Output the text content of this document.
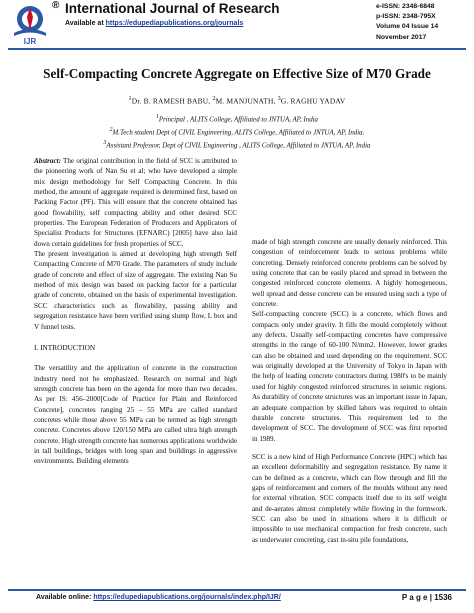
IJR
® International Journal of Research
Available at https://edupediapublications.org/journals
e-ISSN: 2348-6848
p-ISSN: 2348-795X
Volume 04 Issue 14
November 2017
Self-Compacting Concrete Aggregate on Effective Size of M70 Grade
$^1$Dr. B. RAMESH BABU, $^2$M. MANJUNATH, $^3$G. RAGHU YADAV
$^1$Principal , ALITS College, Affiliated to JNTUA, AP, India
$^2$M.Tech student Dept of CIVIL Engineering, ALITS College, Affiliated to JNTUA, AP, India.
$^3$Assistant Professor, Dept of CIVIL Engineering , ALITS College, Affiliated to JNTUA, AP, India

Abstract: The original contribution in the field of SCC is attributed to the pioneering work of Nan Su et al; who have developed a simple mix design methodology for Self Compacting Concrete. In this method, the amount of aggregate required is determined first, based on Packing Factor (PF). This will ensure that the concrete obtained has good flowability, self compacting ability and other desired SCC properties. The European Federation of Producers and Applicators of Specialist Products for Structures (EFNARC) [2005] have also laid down certain guidelines for fresh properties of SCC.

The present investigation is aimed at developing high strength Self Compacting Concrete of M70 Grade. The parameters of study include grade of concrete and effect of size of aggregate. The existing Nan Su method of mix design was based on packing factor for a particular grade of concrete, obtained on the basis of experimental investigation. SCC characteristics such as flowability, passing ability and segregation resistance have been verified using slump flow, L box and V funnel tests.

I. INTRODUCTION

The versatility and the application of concrete in the construction industry need not be emphasized. Research on normal and high strength concrete has been on the agenda for more than two decades. As per IS: 456–2000[Code of Practice for Plain and Reinforced Concrete], concretes ranging 25 – 55 MPa are called standard concretes while those above 55 MPa can be termed as high strength concrete. Concretes above 120/150 MPa are called ultra high strength concrete. High strength concrete has numerous applications worldwide in tall buildings, bridges with long span and buildings in aggressive environments. Building elements

made of high strength concrete are usually densely reinforced. This congestion of reinforcement leads to serious problems while concreting. Densely reinforced concrete problems can be solved by using concrete that can be easily placed and spread in between the congested reinforced concrete elements. A highly homogeneous, well spread and dense concrete can be ensured using such a type of concrete.

Self-compacting concrete (SCC) is a concrete, which flows and compacts only under gravity. It fills the mould completely without any defects. Usually self-compacting concretes have compressive strengths in the range of 60-100 N/mm2. However, lower grades can also be obtained and used depending on the requirement. SCC was originally developed at the University of Tokyo in Japan with the help of leading concrete contractors during 1980's to be mainly used for highly congested reinforced structures in seismic regions. As durability of concrete structures was an important issue in Japan, an adequate compaction by skilled labors was required to obtain durable concrete structures. This requirement led to the development of SCC. The development of SCC was first reported in 1989.

SCC is a new kind of High Performance Concrete (HPC) which has an excellent deformability and segregation resistance. By name it can be defined as a concrete, which can flow through and fill the gaps of reinforcement and corners of the moulds without any need for external vibration. SCC compacts itself due to its self weight and de-aerates almost completely while flowing in the formwork. SCC can also be used in situations where it is difficult or impossible to use mechanical compaction for fresh concrete, such as underwater concreting, cast in-situ pile foundations,

Available online: https://edupediapublications.org/journals/index.php/IJR/	P a g e | 1536
